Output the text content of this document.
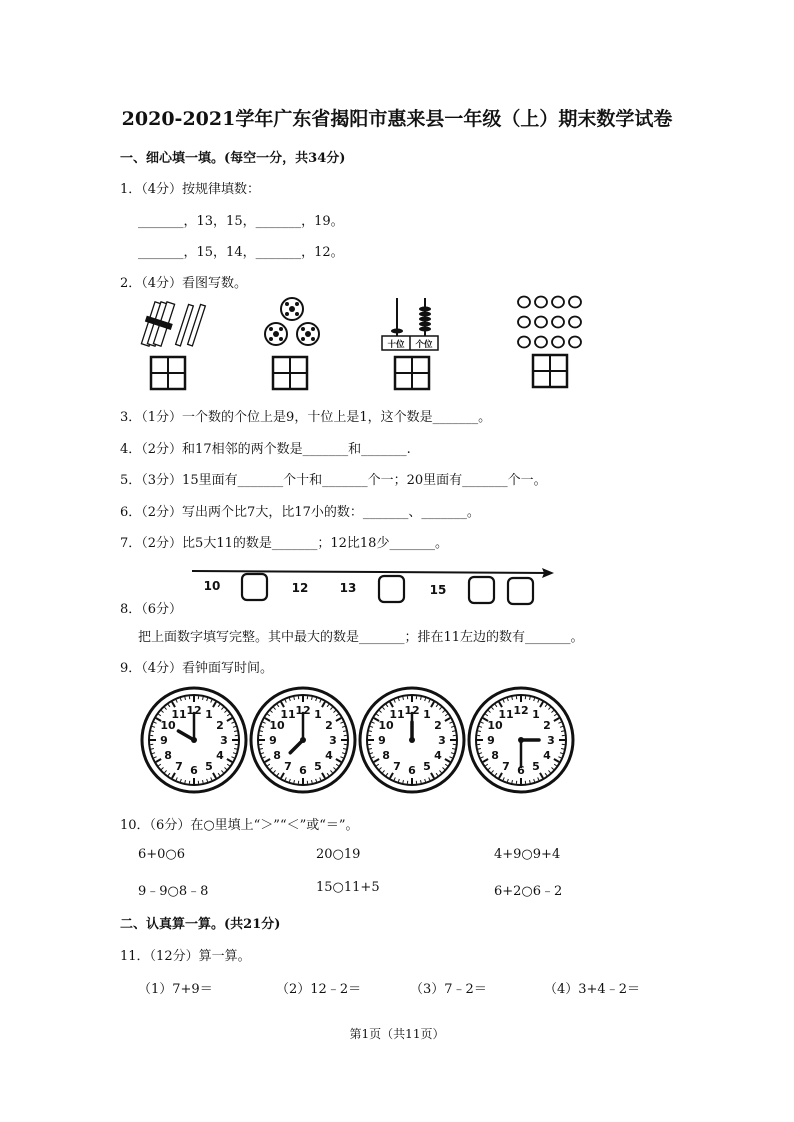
2020-2021学年广东省揭阳市惠来县一年级（上）期末数学试卷
一、细心填一填。(每空一分，共34分)
1．（4分）按规律填数：
_______，13，15，_______，19。
_______，15，14，_______，12。
2．（4分）看图写数。
十位 个位
3．（1分）一个数的个位上是9，十位上是1，这个数是_______。
4．（2分）和17相邻的两个数是_______和_______.
5．（3分）15里面有_______个十和_______个一；20里面有_______个一。
6．（2分）写出两个比7大，比17小的数：_______、_______。
7．（2分）比5大11的数是_______；12比18少_______。
10	12	13	15
8．（6分）
把上面数字填写完整。其中最大的数是_______；排在11左边的数有_______。
9．（4分）看钟面写时间。
12 1
2
3
4
5
6
7
8
9
10
11	12 1
2
3
4
5
6
7
8
9
10
11	12 1
2
3
4
5
6
7
8
9
10
11	12 1
2
3
4
5
6
7
8
9
10
11
10．（6分）在○里填上“＞”“＜”或“＝”。
6+0○6	20○19	4+9○9+4
9﹣9○8﹣8	15○11+5	6+2○6﹣2
二、认真算一算。(共21分)
11．（12分）算一算。
（1）7+9＝	（2）12﹣2＝	（3）7﹣2＝	（4）3+4﹣2＝
第1页（共11页）
